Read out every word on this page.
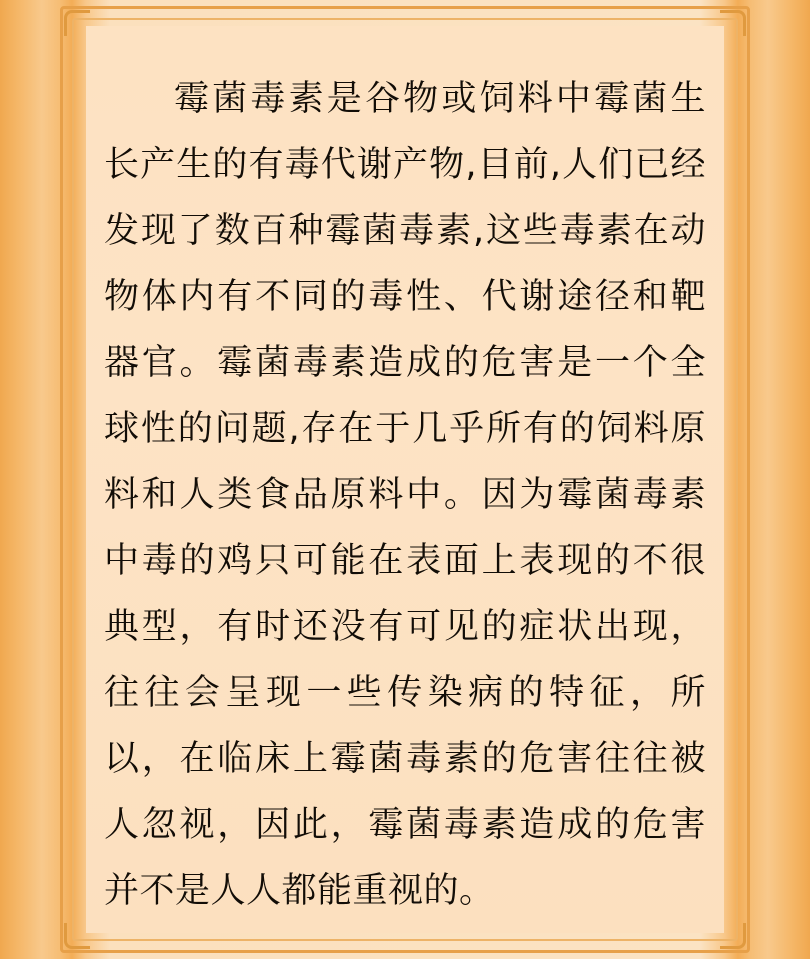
霉菌毒素是谷物或饲料中霉菌生长产生的有毒代谢产物,目前,人们已经发现了数百种霉菌毒素,这些毒素在动物体内有不同的毒性、代谢途径和靶器官。霉菌毒素造成的危害是一个全球性的问题,存在于几乎所有的饲料原料和人类食品原料中。因为霉菌毒素中毒的鸡只可能在表面上表现的不很典型，有时还没有可见的症状出现，往往会呈现一些传染病的特征，所以，在临床上霉菌毒素的危害往往被人忽视，因此，霉菌毒素造成的危害并不是人人都能重视的。
